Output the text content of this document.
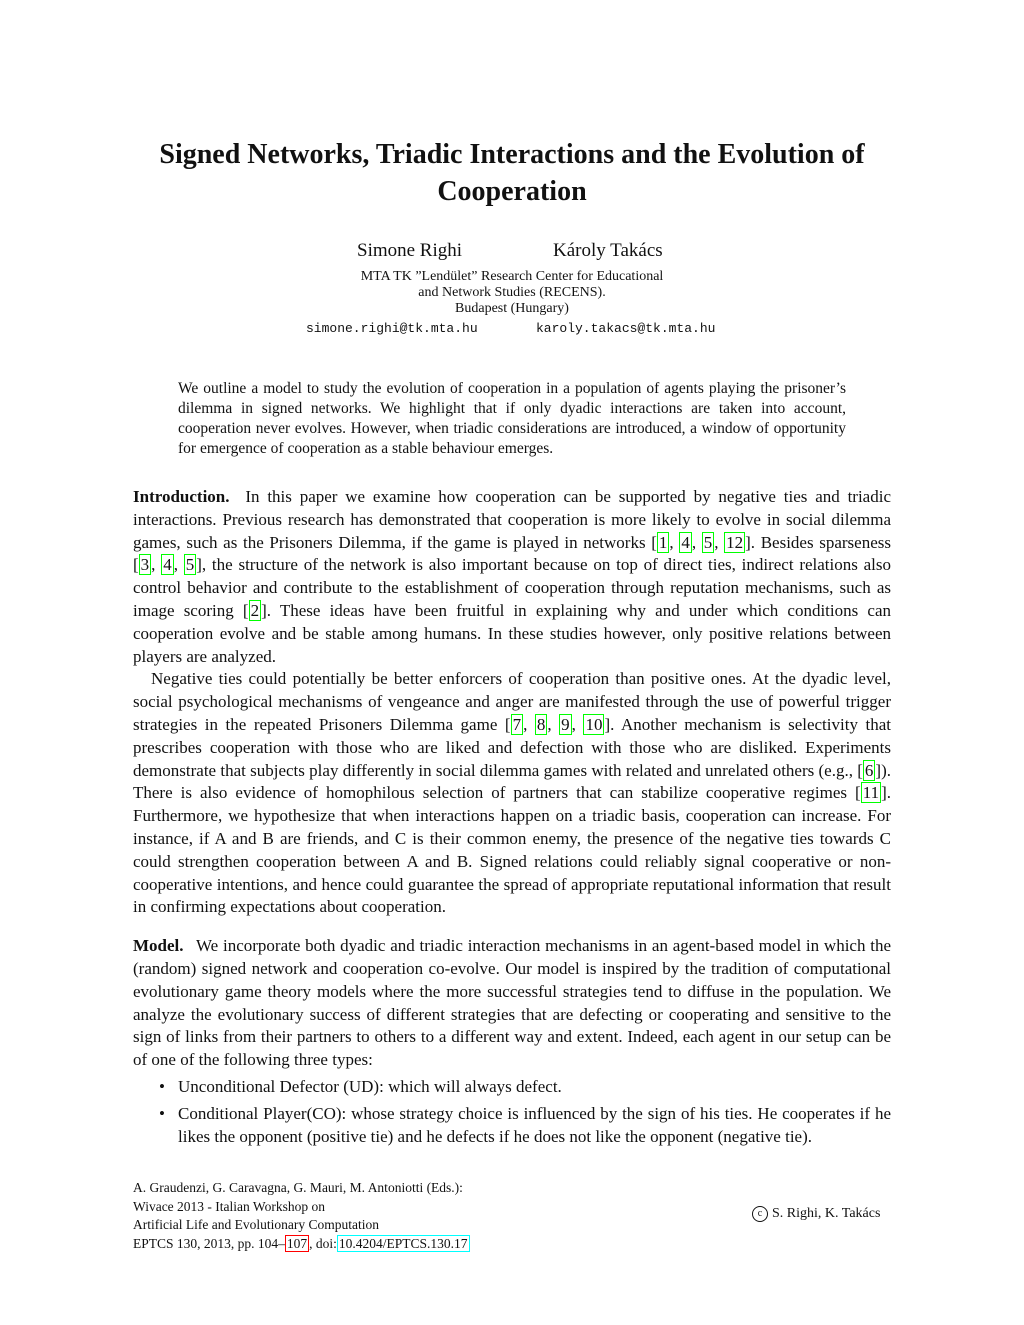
Signed Networks, Triadic Interactions and the Evolution of Cooperation
Simone Righi	Károly Takács
MTA TK ”Lendület” Research Center for Educational
and Network Studies (RECENS).
Budapest (Hungary)
simone.righi@tk.mta.hu	karoly.takacs@tk.mta.hu

We outline a model to study the evolution of cooperation in a population of agents playing the prisoner’s dilemma in signed networks. We highlight that if only dyadic interactions are taken into account, cooperation never evolves. However, when triadic considerations are introduced, a window of opportunity for emergence of cooperation as a stable behaviour emerges.

Introduction. In this paper we examine how cooperation can be supported by negative ties and triadic interactions. Previous research has demonstrated that cooperation is more likely to evolve in social dilemma games, such as the Prisoners Dilemma, if the game is played in networks [ 1 , 4 , 5 , 12 ]. Besides sparseness [ 3 , 4 , 5 ], the structure of the network is also important because on top of direct ties, indirect relations also control behavior and contribute to the establishment of cooperation through reputation mechanisms, such as image scoring [ 2 ]. These ideas have been fruitful in explaining why and under which conditions can cooperation evolve and be stable among humans. In these studies however, only positive relations between players are analyzed.

Negative ties could potentially be better enforcers of cooperation than positive ones. At the dyadic level, social psychological mechanisms of vengeance and anger are manifested through the use of powerful trigger strategies in the repeated Prisoners Dilemma game [ 7 , 8 , 9 , 10 ]. Another mechanism is selectivity that prescribes cooperation with those who are liked and defection with those who are disliked. Experiments demonstrate that subjects play differently in social dilemma games with related and unrelated others (e.g., [ 6 ]). There is also evidence of homophilous selection of partners that can stabilize cooperative regimes [ 11 ]. Furthermore, we hypothesize that when interactions happen on a triadic basis, cooperation can increase. For instance, if A and B are friends, and C is their common enemy, the presence of the negative ties towards C could strengthen cooperation between A and B. Signed relations could reliably signal cooperative or non-cooperative intentions, and hence could guarantee the spread of appropriate reputational information that result in confirming expectations about cooperation.

Model. We incorporate both dyadic and triadic interaction mechanisms in an agent-based model in which the (random) signed network and cooperation co-evolve. Our model is inspired by the tradition of computational evolutionary game theory models where the more successful strategies tend to diffuse in the population. We analyze the evolutionary success of different strategies that are defecting or cooperating and sensitive to the sign of links from their partners to others to a different way and extent. Indeed, each agent in our setup can be of one of the following three types:

• Unconditional Defector (UD): which will always defect.
• Conditional Player(CO): whose strategy choice is influenced by the sign of his ties. He cooperates if he likes the opponent (positive tie) and he defects if he does not like the opponent (negative tie).
A. Graudenzi, G. Caravagna, G. Mauri, M. Antoniotti (Eds.):
Wivace 2013 - Italian Workshop on
Artificial Life and Evolutionary Computation
EPTCS 130, 2013, pp. 104– 107 , doi: 10.4204/EPTCS.130.17
c S. Righi, K. Takács
